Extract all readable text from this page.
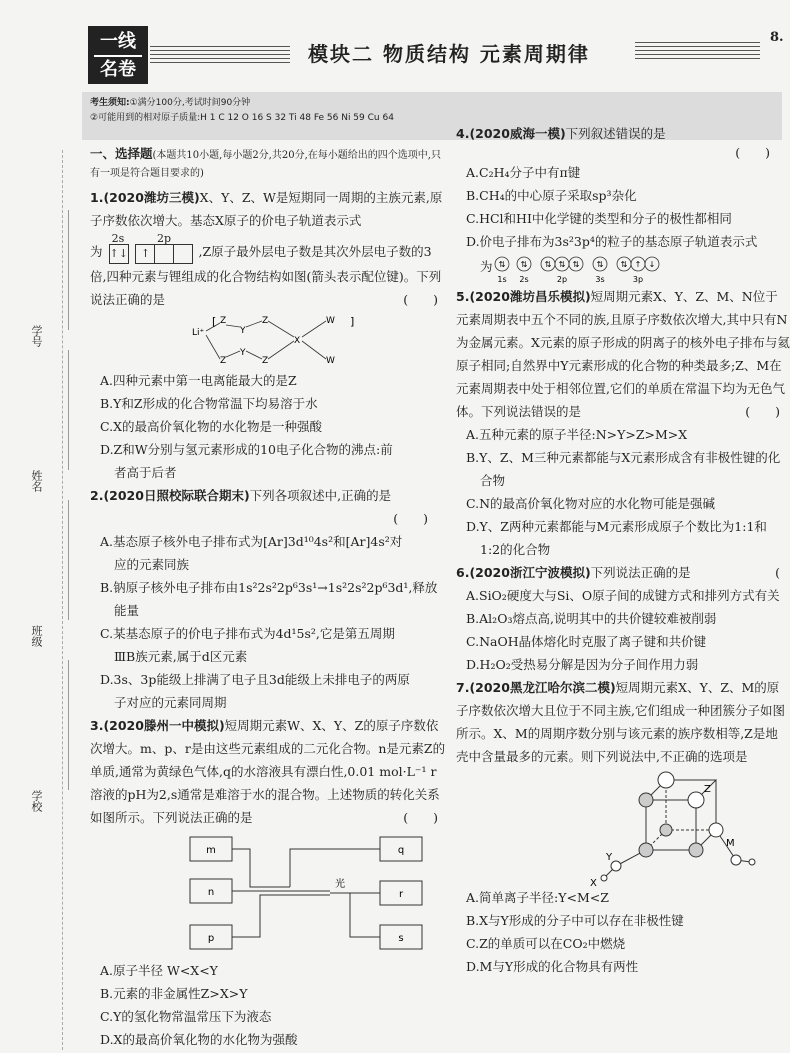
一线
名卷
模块二 物质结构 元素周期律
8.
考生须知:①满分100分,考试时间90分钟
②可能用到的相对原子质量:H 1 C 12 O 16 S 32 Ti 48 Fe 56 Ni 59 Cu 64
学号
姓名
班级
学校

一、选择题(本题共10小题,每小题2分,共20分,在每小题给出的四个选项中,只有一项是符合题目要求的)

1.(2020潍坊三模)X、Y、Z、W是短期同一周期的主族元素,原子序数依次增大。基态X原子的价电子轨道表示式

为
2s
↑↓
2p
↑	,Z原子最外层电子数是其次外层电子数的3倍,四种元素与锂组成的化合物结构如图(箭头表示配位键)。下列说法正确的是	(　　)

Li⁺
Z
Z
Y
Y
Z
Z
X
W
W
]
[

A.四种元素中第一电离能最大的是Z

B.Y和Z形成的化合物常温下均易溶于水

C.X的最高价氧化物的水化物是一种强酸

D.Z和W分别与氢元素形成的10电子化合物的沸点:前

者高于后者

2.(2020日照校际联合期末)下列各项叙述中,正确的是

(　　)

A.基态原子核外电子排布式为[Ar]3d¹⁰4s²和[Ar]4s²对

应的元素同族

B.钠原子核外电子排布由1s²2s²2p⁶3s¹→1s²2s²2p⁶3d¹,释放

能量

C.某基态原子的价电子排布式为4d¹5s²,它是第五周期

ⅢB族元素,属于d区元素

D.3s、3p能级上排满了电子且3d能级上未排电子的两原

子对应的元素同周期

3.(2020滕州一中模拟)短周期元素W、X、Y、Z的原子序数依次增大。m、p、r是由这些元素组成的二元化合物。n是元素Z的单质,通常为黄绿色气体,q的水溶液具有漂白性,0.01 mol·L⁻¹ r溶液的pH为2,s通常是难溶于水的混合物。上述物质的转化关系如图所示。下列说法正确的是	(　　)

m
n
p
q
r
s
光

A.原子半径 W<X<Y

B.元素的非金属性Z>X>Y

C.Y的氢化物常温常压下为液态

D.X的最高价氧化物的水化物为强酸

4.(2020威海一模)下列叙述错误的是

(　　)

A.C₂H₄分子中有π键

B.CH₄的中心原子采取sp³杂化

C.HCl和HI中化学键的类型和分子的极性都相同

D.价电子排布为3s²3p⁴的粒子的基态原子轨道表示式

为 ⇅ ⇅ ⇅ ⇅ ⇅ ⇅ ⇅ ↑ ↓
1s 2s	2p	3s	3p

5.(2020潍坊昌乐模拟)短周期元素X、Y、Z、M、N位于元素周期表中五个不同的族,且原子序数依次增大,其中只有N为金属元素。X元素的原子形成的阴离子的核外电子排布与氦原子相同;自然界中Y元素形成的化合物的种类最多;Z、M在元素周期表中处于相邻位置,它们的单质在常温下均为无色气体。下列说法错误的是	(　　)

A.五种元素的原子半径:N>Y>Z>M>X

B.Y、Z、M三种元素都能与X元素形成含有非极性键的化

合物

C.N的最高价氧化物对应的水化物可能是强碱

D.Y、Z两种元素都能与M元素形成原子个数比为1:1和

1:2的化合物

6.(2020浙江宁波模拟)下列说法正确的是	(

A.SiO₂硬度大与Si、O原子间的成键方式和排列方式有关

B.Al₂O₃熔点高,说明其中的共价键较难被削弱

C.NaOH晶体熔化时克服了离子键和共价键

D.H₂O₂受热易分解是因为分子间作用力弱

7.(2020黑龙江哈尔滨二模)短周期元素X、Y、Z、M的原子序数依次增大且位于不同主族,它们组成一种团簇分子如图所示。X、M的周期序数分别与该元素的族序数相等,Z是地壳中含量最多的元素。则下列说法中,不正确的选项是

Z
Y
X
M

A.简单离子半径:Y<M<Z

B.X与Y形成的分子中可以存在非极性键

C.Z的单质可以在CO₂中燃烧

D.M与Y形成的化合物具有两性
